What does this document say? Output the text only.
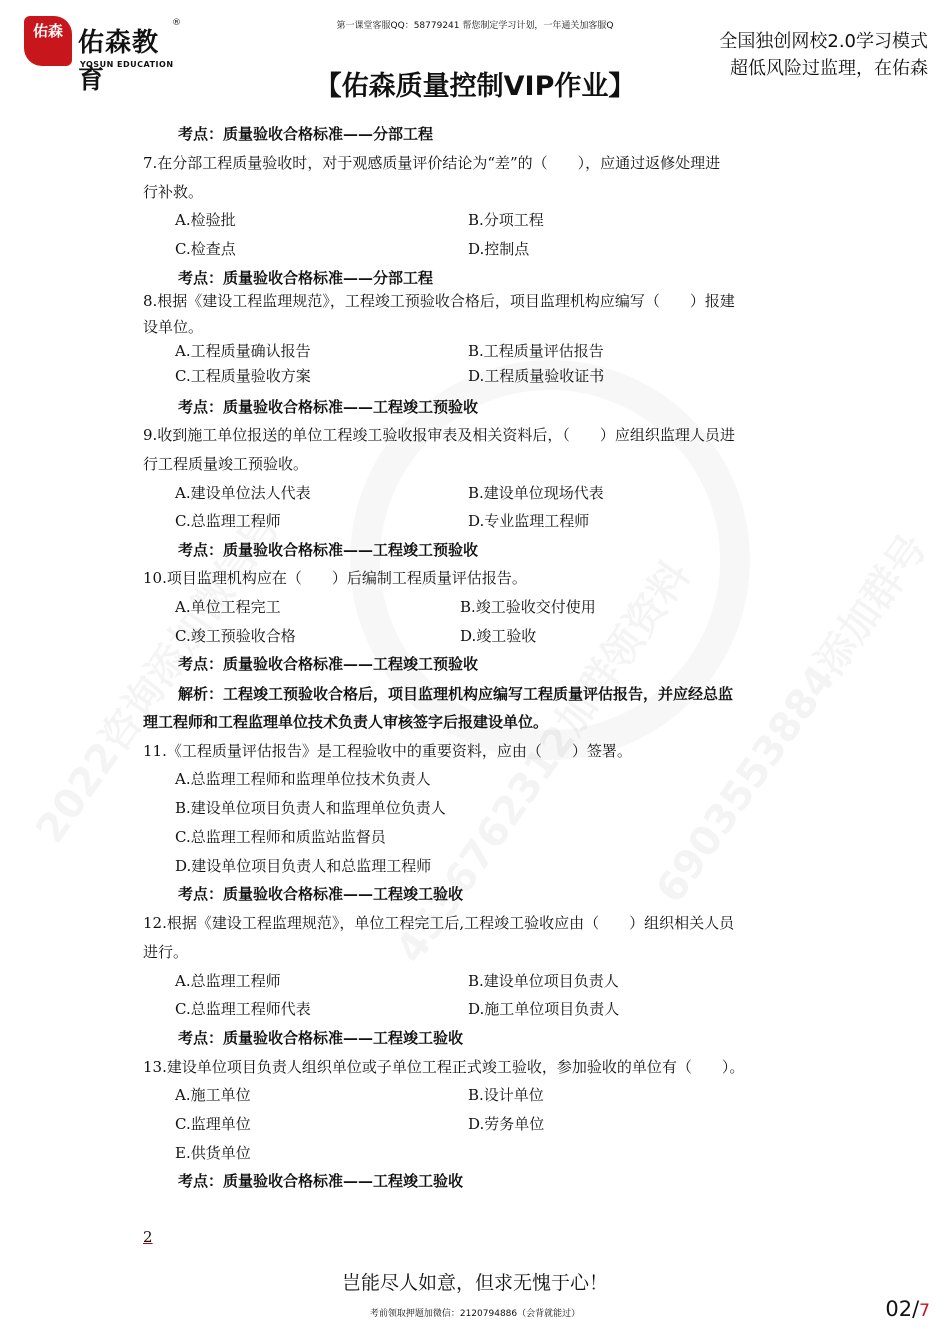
佑森 佑森教育
®
YOSUN EDUCATION
第一课堂客服QQ：58779241 帮您制定学习计划，一年通关加客服Q
全国独创网校2.0学习模式
超低风险过监理，在佑森
【佑森质量控制VIP作业】
考点：质量验收合格标准——分部工程
7.在分部工程质量验收时，对于观感质量评价结论为“差”的（　　），应通过返修处理进
行补救。
A.检验批	B.分项工程
C.检查点	D.控制点
考点：质量验收合格标准——分部工程
8.根据《建设工程监理规范》，工程竣工预验收合格后，项目监理机构应编写（　　）报建
设单位。
A.工程质量确认报告	B.工程质量评估报告
C.工程质量验收方案	D.工程质量验收证书
考点：质量验收合格标准——工程竣工预验收
9.收到施工单位报送的单位工程竣工验收报审表及相关资料后，（　　）应组织监理人员进
行工程质量竣工预验收。
A.建设单位法人代表	B.建设单位现场代表
C.总监理工程师	D.专业监理工程师
考点：质量验收合格标准——工程竣工预验收
10.项目监理机构应在（　　）后编制工程质量评估报告。
A.单位工程完工	B.竣工验收交付使用
C.竣工预验收合格	D.竣工验收
考点：质量验收合格标准——工程竣工预验收
解析：工程竣工预验收合格后，项目监理机构应编写工程质量评估报告，并应经总监
理工程师和工程监理单位技术负责人审核签字后报建设单位。
11.《工程质量评估报告》是工程验收中的重要资料，应由（　　）签署。
A.总监理工程师和监理单位技术负责人
B.建设单位项目负责人和监理单位负责人
C.总监理工程师和质监站监督员
D.建设单位项目负责人和总监理工程师
考点：质量验收合格标准——工程竣工验收
12.根据《建设工程监理规范》，单位工程完工后,工程竣工验收应由（　　）组织相关人员
进行。
A.总监理工程师	B.建设单位项目负责人
C.总监理工程师代表	D.施工单位项目负责人
考点：质量验收合格标准——工程竣工验收
13.建设单位项目负责人组织单位或子单位工程正式竣工验收，参加验收的单位有（　　）。
A.施工单位	B.设计单位
C.监理单位	D.劳务单位
E.供货单位
考点：质量验收合格标准——工程竣工验收
2
岂能尽人如意，但求无愧于心！
考前领取押题加微信：2120794886（会背就能过）	02/7
